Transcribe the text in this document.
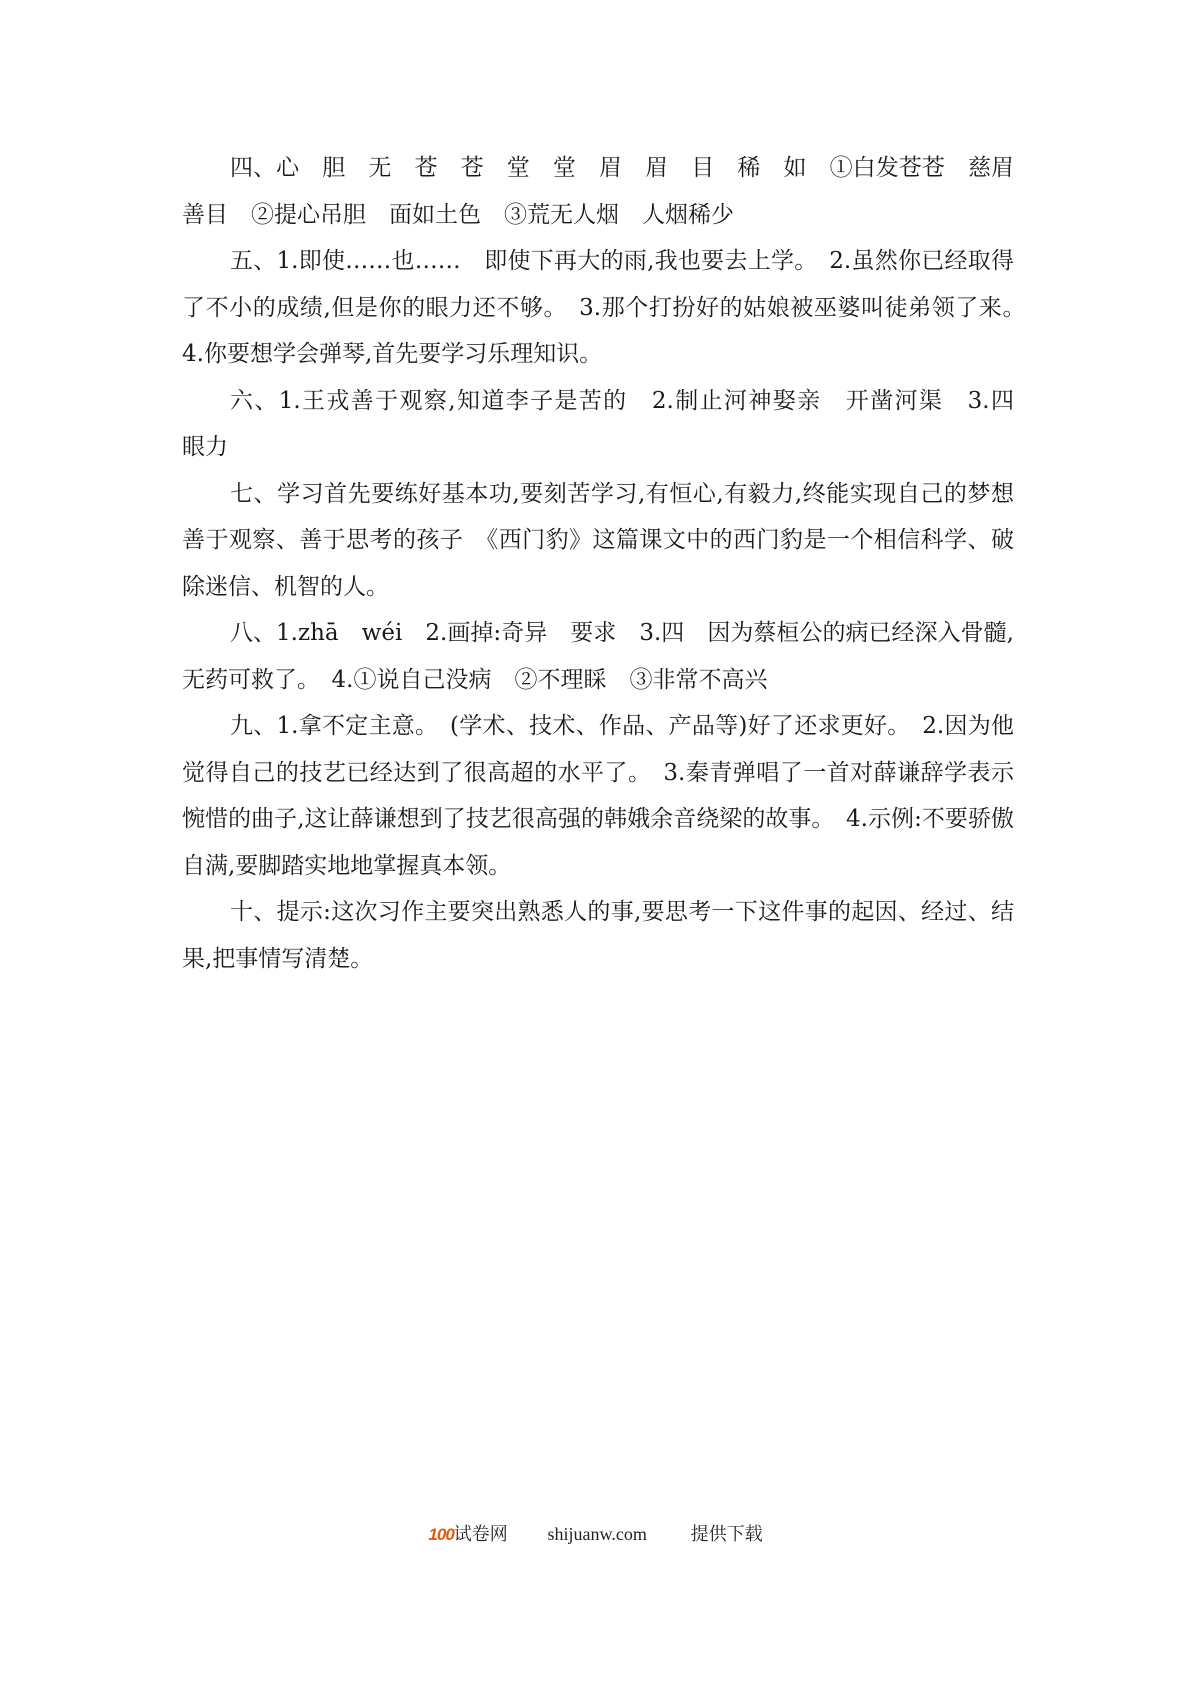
四、心　胆　无　苍　苍　堂　堂　眉　眉　目　稀　如　①白发苍苍　慈眉善目　②提心吊胆　面如土色　③荒无人烟　人烟稀少

五、1.即使……也……　即使下再大的雨,我也要去上学。　2.虽然你已经取得了不小的成绩,但是你的眼力还不够。　3.那个打扮好的姑娘被巫婆叫徒弟领了来。　4.你要想学会弹琴,首先要学习乐理知识。

六、1.王戎善于观察,知道李子是苦的　2.制止河神娶亲　开凿河渠　3.四　眼力

七、学习首先要练好基本功,要刻苦学习,有恒心,有毅力,终能实现自己的梦想　善于观察、善于思考的孩子　《西门豹》这篇课文中的西门豹是一个相信科学、破除迷信、机智的人。

八、1.zhā　wéi　2.画掉:奇异　要求　3.四　因为蔡桓公的病已经深入骨髓,无药可救了。　4.①说自己没病　②不理睬　③非常不高兴

九、1.拿不定主意。　(学术、技术、作品、产品等)好了还求更好。　2.因为他觉得自己的技艺已经达到了很高超的水平了。　3.秦青弹唱了一首对薛谦辞学表示惋惜的曲子,这让薛谦想到了技艺很高强的韩娥余音绕梁的故事。　4.示例:不要骄傲自满,要脚踏实地地掌握真本领。

十、提示:这次习作主要突出熟悉人的事,要思考一下这件事的起因、经过、结果,把事情写清楚。

100试卷网 shijuanw.com 提供下载
